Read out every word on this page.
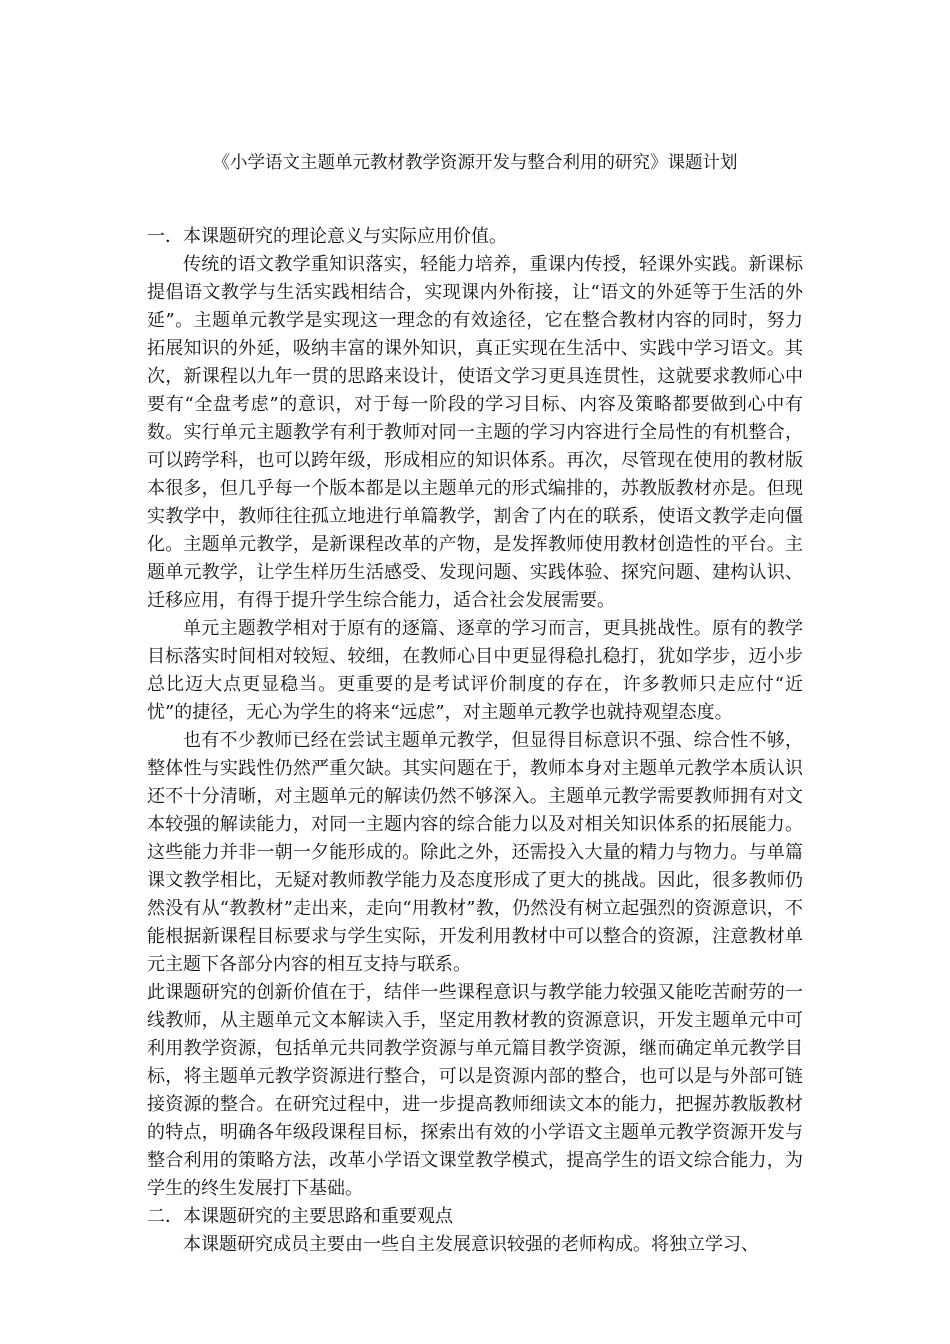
《小学语文主题单元教材教学资源开发与整合利用的研究》课题计划

一．本课题研究的理论意义与实际应用价值。

传统的语文教学重知识落实，轻能力培养，重课内传授，轻课外实践。新课标提倡语文教学与生活实践相结合，实现课内外衔接，让“语文的外延等于生活的外延”。主题单元教学是实现这一理念的有效途径，它在整合教材内容的同时，努力拓展知识的外延，吸纳丰富的课外知识，真正实现在生活中、实践中学习语文。其次，新课程以九年一贯的思路来设计，使语文学习更具连贯性，这就要求教师心中要有“全盘考虑”的意识，对于每一阶段的学习目标、内容及策略都要做到心中有数。实行单元主题教学有利于教师对同一主题的学习内容进行全局性的有机整合，可以跨学科，也可以跨年级，形成相应的知识体系。再次，尽管现在使用的教材版本很多，但几乎每一个版本都是以主题单元的形式编排的，苏教版教材亦是。但现实教学中，教师往往孤立地进行单篇教学，割舍了内在的联系，使语文教学走向僵化。主题单元教学，是新课程改革的产物，是发挥教师使用教材创造性的平台。主题单元教学，让学生样历生活感受、发现问题、实践体验、探究问题、建构认识、迁移应用，有得于提升学生综合能力，适合社会发展需要。

单元主题教学相对于原有的逐篇、逐章的学习而言，更具挑战性。原有的教学目标落实时间相对较短、较细，在教师心目中更显得稳扎稳打，犹如学步，迈小步总比迈大点更显稳当。更重要的是考试评价制度的存在，许多教师只走应付“近忧”的捷径，无心为学生的将来“远虑”，对主题单元教学也就持观望态度。

也有不少教师已经在尝试主题单元教学，但显得目标意识不强、综合性不够，整体性与实践性仍然严重欠缺。其实问题在于，教师本身对主题单元教学本质认识还不十分清晰，对主题单元的解读仍然不够深入。主题单元教学需要教师拥有对文本较强的解读能力，对同一主题内容的综合能力以及对相关知识体系的拓展能力。这些能力并非一朝一夕能形成的。除此之外，还需投入大量的精力与物力。与单篇课文教学相比，无疑对教师教学能力及态度形成了更大的挑战。因此，很多教师仍然没有从“教教材”走出来，走向“用教材”教，仍然没有树立起强烈的资源意识，不能根据新课程目标要求与学生实际，开发利用教材中可以整合的资源，注意教材单元主题下各部分内容的相互支持与联系。

此课题研究的创新价值在于，结伴一些课程意识与教学能力较强又能吃苦耐劳的一线教师，从主题单元文本解读入手，坚定用教材教的资源意识，开发主题单元中可利用教学资源，包括单元共同教学资源与单元篇目教学资源，继而确定单元教学目标，将主题单元教学资源进行整合，可以是资源内部的整合，也可以是与外部可链接资源的整合。在研究过程中，进一步提高教师细读文本的能力，把握苏教版教材的特点，明确各年级段课程目标，探索出有效的小学语文主题单元教学资源开发与整合利用的策略方法，改革小学语文课堂教学模式，提高学生的语文综合能力，为学生的终生发展打下基础。

二．本课题研究的主要思路和重要观点

本课题研究成员主要由一些自主发展意识较强的老师构成。将独立学习、
